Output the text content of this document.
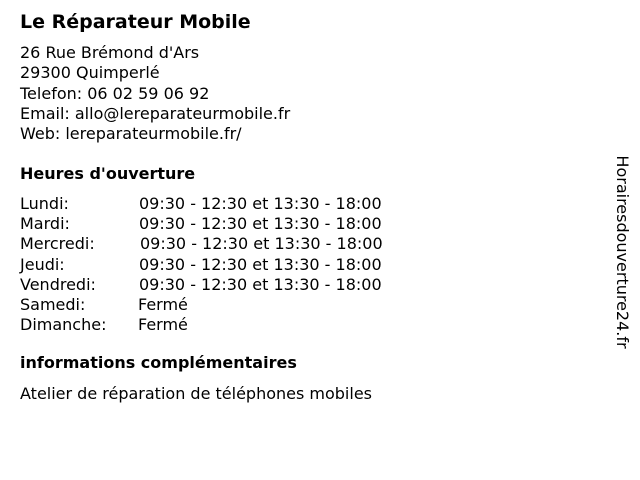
Le Réparateur Mobile
26 Rue Brémond d'Ars
29300 Quimperlé
Telefon: 06 02 59 06 92
Email: allo@lereparateurmobile.fr
Web: lereparateurmobile.fr/
Heures d'ouverture
Lundi:	09:30 - 12:30 et 13:30 - 18:00
Mardi:	09:30 - 12:30 et 13:30 - 18:00
Mercredi:	09:30 - 12:30 et 13:30 - 18:00
Jeudi:	09:30 - 12:30 et 13:30 - 18:00
Vendredi:	09:30 - 12:30 et 13:30 - 18:00
Samedi:	Fermé
Dimanche: Fermé
informations complémentaires
Atelier de réparation de téléphones mobiles
Horairesdouverture24.fr
